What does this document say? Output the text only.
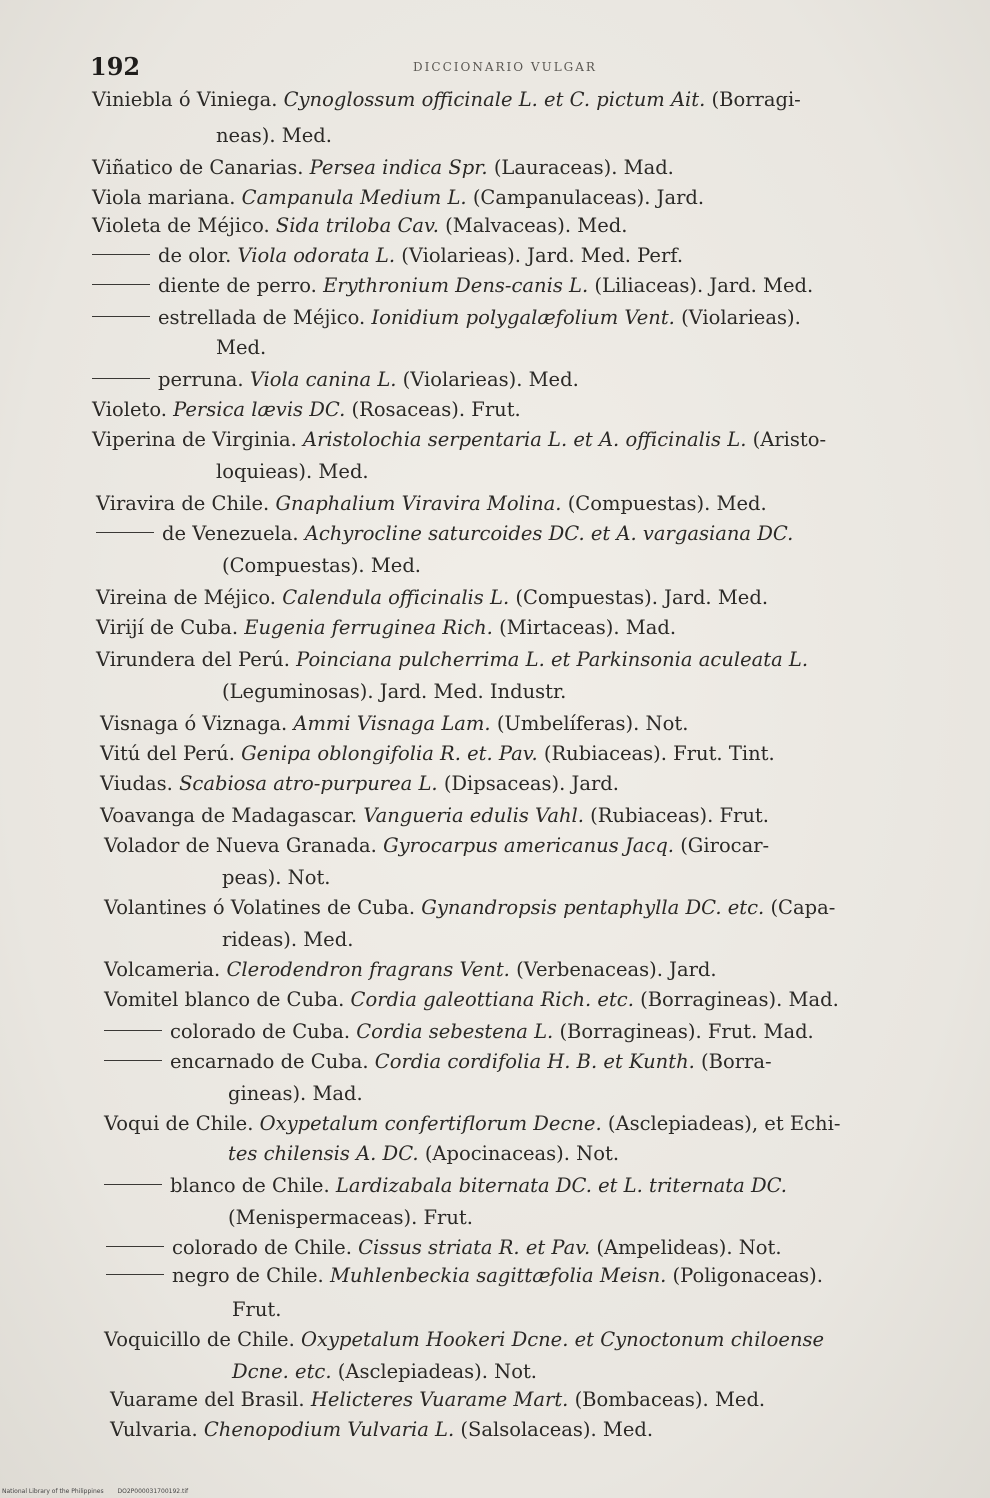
192	DICCIONARIO VULGAR
Viniebla ó Viniega. Cynoglossum officinale L. et C. pictum Ait. (Borragi-
neas). Med.
Viñatico de Canarias. Persea indica Spr. (Lauraceas). Mad.
Viola mariana. Campanula Medium L. (Campanulaceas). Jard.
Violeta de Méjico. Sida triloba Cav. (Malvaceas). Med.
de olor. Viola odorata L. (Violarieas). Jard. Med. Perf.
diente de perro. Erythronium Dens-canis L. (Liliaceas). Jard. Med.
estrellada de Méjico. Ionidium polygalæfolium Vent. (Violarieas).
Med.
perruna. Viola canina L. (Violarieas). Med.
Violeto. Persica lævis DC. (Rosaceas). Frut.
Viperina de Virginia. Aristolochia serpentaria L. et A. officinalis L. (Aristo-
loquieas). Med.
Viravira de Chile. Gnaphalium Viravira Molina. (Compuestas). Med.
de Venezuela. Achyrocline saturcoides DC. et A. vargasiana DC.
(Compuestas). Med.
Vireina de Méjico. Calendula officinalis L. (Compuestas). Jard. Med.
Virijí de Cuba. Eugenia ferruginea Rich. (Mirtaceas). Mad.
Virundera del Perú. Poinciana pulcherrima L. et Parkinsonia aculeata L.
(Leguminosas). Jard. Med. Industr.
Visnaga ó Viznaga. Ammi Visnaga Lam. (Umbelíferas). Not.
Vitú del Perú. Genipa oblongifolia R. et. Pav. (Rubiaceas). Frut. Tint.
Viudas. Scabiosa atro-purpurea L. (Dipsaceas). Jard.
Voavanga de Madagascar. Vangueria edulis Vahl. (Rubiaceas). Frut.
Volador de Nueva Granada. Gyrocarpus americanus Jacq. (Girocar-
peas). Not.
Volantines ó Volatines de Cuba. Gynandropsis pentaphylla DC. etc. (Capa-
rideas). Med.
Volcameria. Clerodendron fragrans Vent. (Verbenaceas). Jard.
Vomitel blanco de Cuba. Cordia galeottiana Rich. etc. (Borragineas). Mad.
colorado de Cuba. Cordia sebestena L. (Borragineas). Frut. Mad.
encarnado de Cuba. Cordia cordifolia H. B. et Kunth. (Borra-
gineas). Mad.
Voqui de Chile. Oxypetalum confertiflorum Decne. (Asclepiadeas), et Echi-
tes chilensis A. DC. (Apocinaceas). Not.
blanco de Chile. Lardizabala biternata DC. et L. triternata DC.
(Menispermaceas). Frut.
colorado de Chile. Cissus striata R. et Pav. (Ampelideas). Not.
negro de Chile. Muhlenbeckia sagittæfolia Meisn. (Poligonaceas).
Frut.
Voquicillo de Chile. Oxypetalum Hookeri Dcne. et Cynoctonum chiloense
Dcne. etc. (Asclepiadeas). Not.
Vuarame del Brasil. Helicteres Vuarame Mart. (Bombaceas). Med.
Vulvaria. Chenopodium Vulvaria L. (Salsolaceas). Med.
National Library of the Philippines DO2P000031700192.tif
